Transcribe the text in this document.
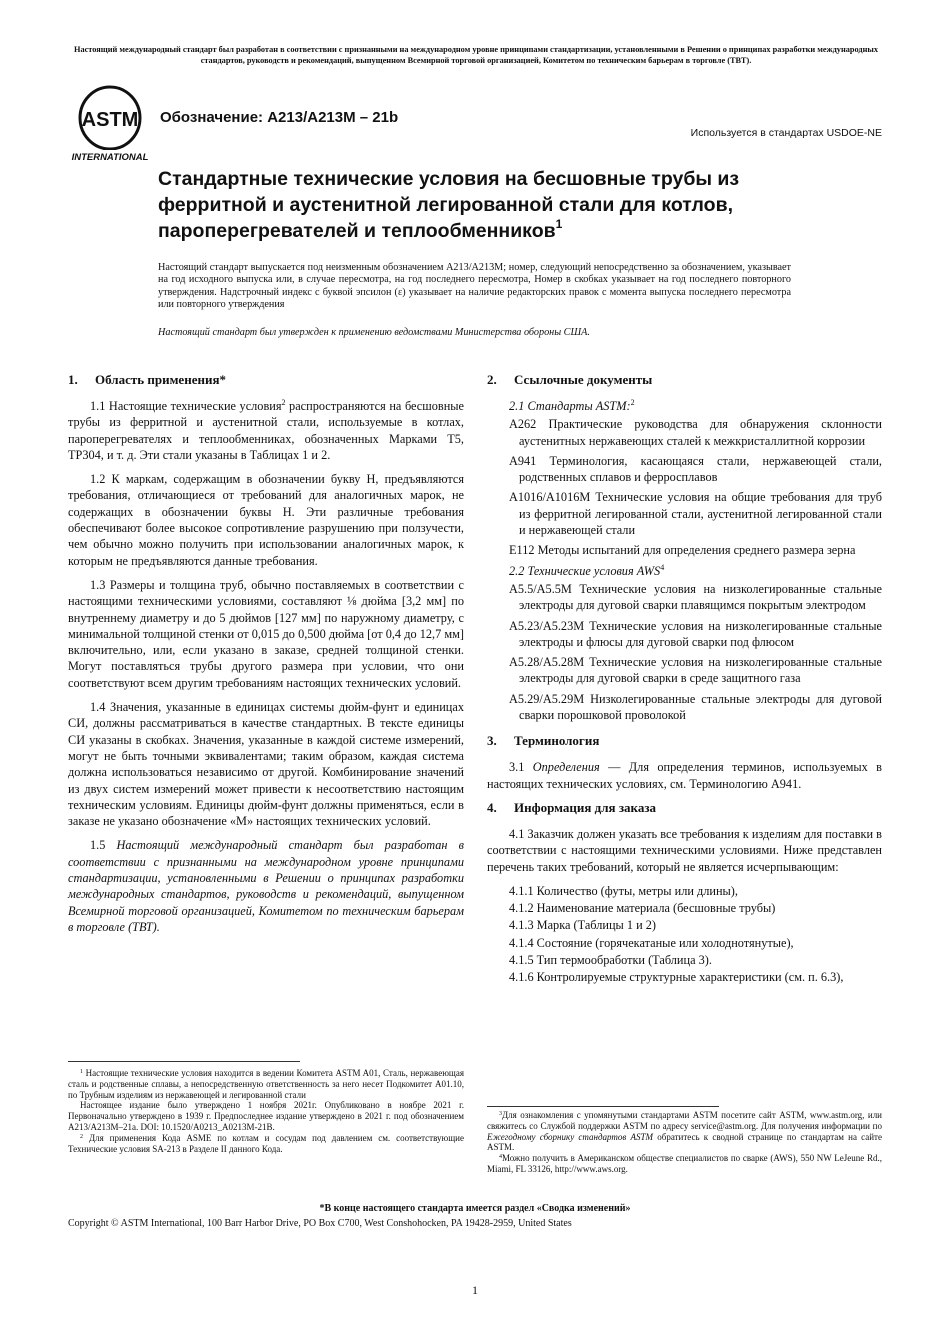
Настоящий международный стандарт был разработан в соответствии с признанными на международном уровне принципами стандартизации, установленными в Решении о принципах разработки международных стандартов, руководств и рекомендаций, выпущенном Всемирной торговой организацией, Комитетом по техническим барьерам в торговле (ТВТ).
ASTM
INTERNATIONAL
Обозначение: A213/A213M – 21b
Используется в стандартах USDOE-NE
Стандартные технические условия на бесшовные трубы из ферритной и аустенитной легированной стали для котлов, пароперегревателей и теплообменников$^1$
Настоящий стандарт выпускается под неизменным обозначением A213/A213M; номер, следующий непосредственно за обозначением, указывает на год исходного выпуска или, в случае пересмотра, на год последнего пересмотра, Номер в скобках указывает на год последнего повторного утверждения. Надстрочный индекс с буквой эпсилон (ε) указывает на наличие редакторских правок с момента выпуска последнего пересмотра или повторного утверждения
Настоящий стандарт был утвержден к применению ведомствами Министерства обороны США.
1. Область применения*

1.1 Настоящие технические условия$^2$ распространяются на бесшовные трубы из ферритной и аустенитной стали, используемые в котлах, пароперегревателях и теплообменниках, обозначенных Марками T5, TP304, и т. д. Эти стали указаны в Таблицах 1 и 2.

1.2 К маркам, содержащим в обозначении букву H, предъявляются требования, отличающиеся от требований для аналогичных марок, не содержащих в обозначении буквы H. Эти различные требования обеспечивают более высокое сопротивление разрушению при ползучести, чем обычно можно получить при использовании аналогичных марок, к которым не предъявляются данные требования.

1.3 Размеры и толщина труб, обычно поставляемых в соответствии с настоящими техническими условиями, составляют ⅛ дюйма [3,2 мм] по внутреннему диаметру и до 5 дюймов [127 мм] по наружному диаметру, с минимальной толщиной стенки от 0,015 до 0,500 дюйма [от 0,4 до 12,7 мм] включительно, или, если указано в заказе, средней толщиной стенки. Могут поставляться трубы другого размера при условии, что они соответствуют всем другим требованиям настоящих технических условий.

1.4 Значения, указанные в единицах системы дюйм-фунт и единицах СИ, должны рассматриваться в качестве стандартных. В тексте единицы СИ указаны в скобках. Значения, указанные в каждой системе измерений, могут не быть точными эквивалентами; таким образом, каждая система должна использоваться независимо от другой. Комбинирование значений из двух систем измерений может привести к несоответствию настоящим техническим условиям. Единицы дюйм-фунт должны применяться, если в заказе не указано обозначение «M» настоящих технических условий.

1.5 Настоящий международный стандарт был разработан в соответствии с признанными на международном уровне принципами стандартизации, установленными в Решении о принципах разработки международных стандартов, руководств и рекомендаций, выпущенном Всемирной торговой организацией, Комитетом по техническим барьерам в торговле (ТВТ).

$^1$ Настоящие технические условия находится в ведении Комитета ASTM A01, Сталь, нержавеющая сталь и родственные сплавы, а непосредственную ответственность за него несет Подкомитет A01.10, по Трубным изделиям из нержавеющей и легированной стали

Настоящее издание было утверждено 1 ноября 2021г. Опубликовано в ноябре 2021 г. Первоначально утверждено в 1939 г. Предпоследнее издание утверждено в 2021 г. под обозначением A213/A213M–21a. DOI: 10.1520/A0213_A0213M-21B.

$^2$ Для применения Кода ASME по котлам и сосудам под давлением см. соответствующие Технические условия SA-213 в Разделе II данного Кода.

2. Ссылочные документы
2.1 Стандарты ASTM:$^2$
A262 Практические руководства для обнаружения склонности аустенитных нержавеющих сталей к межкристаллитной коррозии
A941 Терминология, касающаяся стали, нержавеющей стали, родственных сплавов и ферросплавов
A1016/A1016M Технические условия на общие требования для труб из ферритной легированной стали, аустенитной легированной стали и нержавеющей стали
E112 Методы испытаний для определения среднего размера зерна
2.2 Технические условия AWS$^4$
A5.5/A5.5M Технические условия на низколегированные стальные электроды для дуговой сварки плавящимся покрытым электродом
A5.23/A5.23M Технические условия на низколегированные стальные электроды и флюсы для дуговой сварки под флюсом
A5.28/A5.28M Технические условия на низколегированные стальные электроды для дуговой сварки в среде защитного газа
A5.29/A5.29M Низколегированные стальные электроды для дуговой сварки порошковой проволокой
3. Терминология

3.1 Определения — Для определения терминов, используемых в настоящих технических условиях, см. Терминологию A941.

4. Информация для заказа

4.1 Заказчик должен указать все требования к изделиям для поставки в соответствии с настоящими техническими условиями. Ниже представлен перечень таких требований, который не является исчерпывающим:

4.1.1 Количество (футы, метры или длины),
4.1.2 Наименование материала (бесшовные трубы)
4.1.3 Марка (Таблицы 1 и 2)
4.1.4 Состояние (горячекатаные или холоднотянутые),
4.1.5 Тип термообработки (Таблица 3).
4.1.6 Контролируемые структурные характеристики (см. п. 6.3),

$^3$Для ознакомления с упомянутыми стандартами ASTM посетите сайт ASTM, www.astm.org, или свяжитесь со Службой поддержки ASTM по адресу service@astm.org. Для получения информации по Ежегодному сборнику стандартов ASTM обратитесь к сводной странице по стандартам на сайте ASTM.

$^4$Можно получить в Американском обществе специалистов по сварке (AWS), 550 NW LeJeune Rd., Miami, FL 33126, http://www.aws.org.

*В конце настоящего стандарта имеется раздел «Сводка изменений»
Copyright © ASTM International, 100 Barr Harbor Drive, PO Box C700, West Conshohocken, PA 19428-2959, United States
1
